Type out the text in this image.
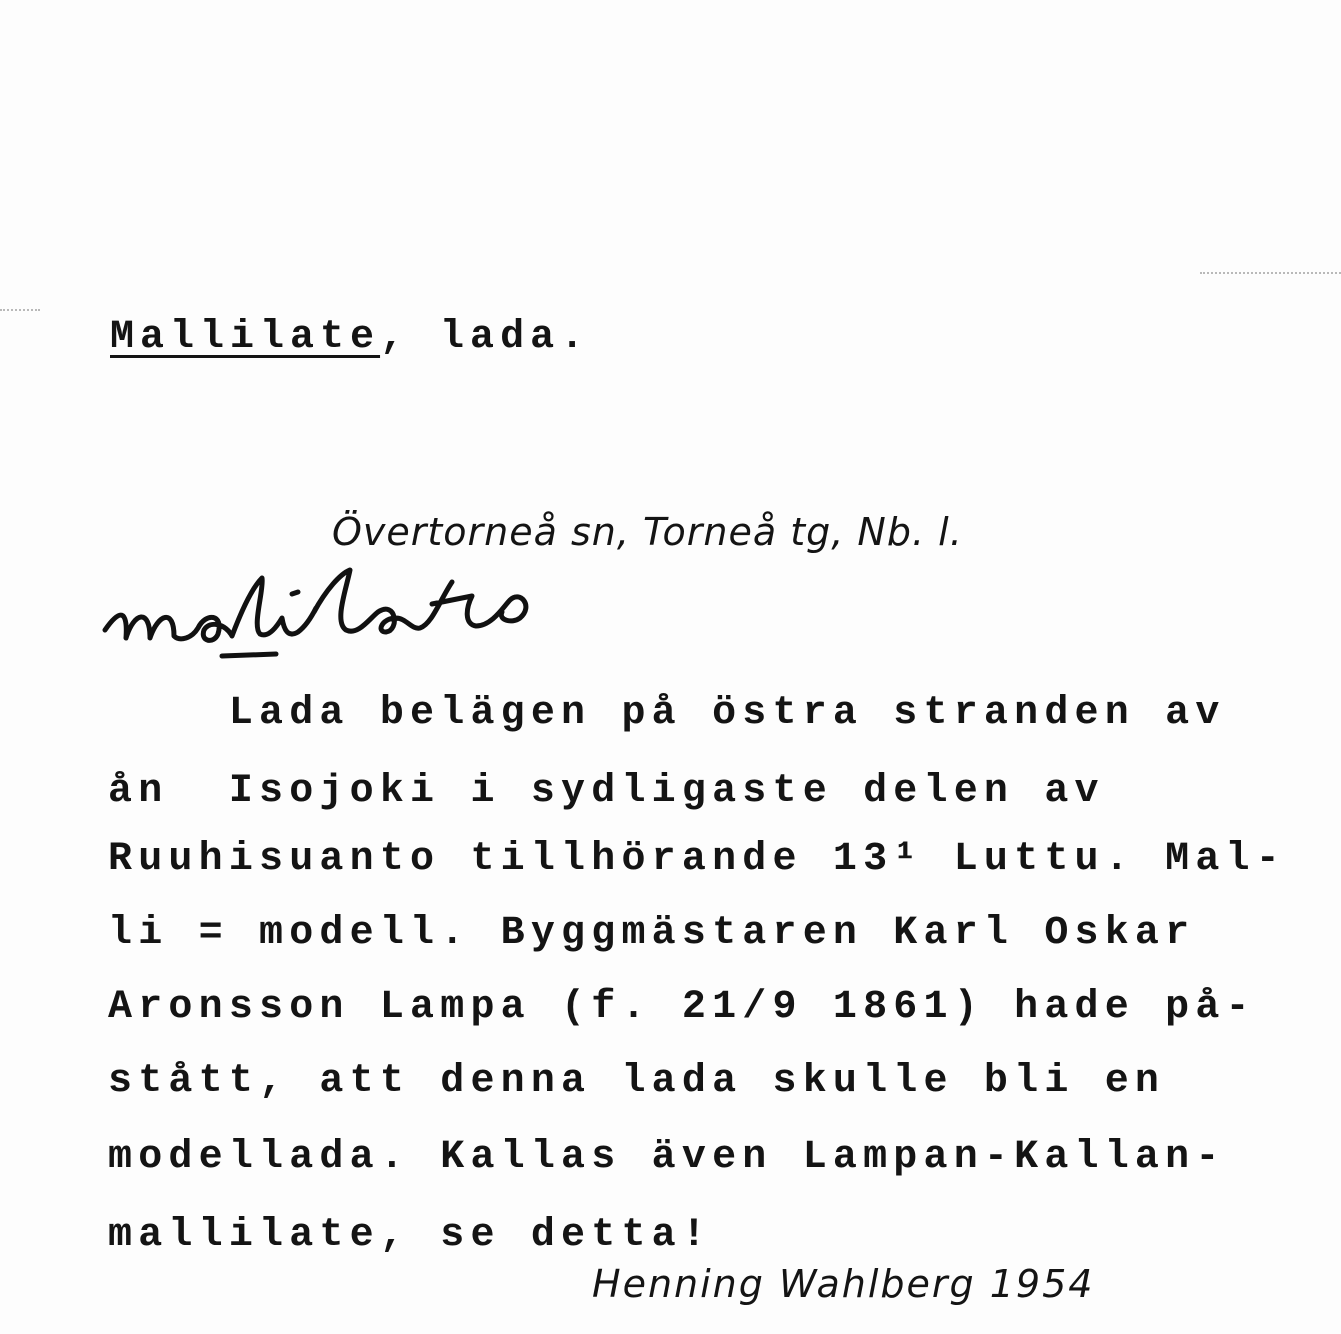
Mallilate, lada.
Övertorneå sn, Torneå tg, Nb. l.
Lada belägen på östra stranden av
ån  Isojoki i sydligaste delen av
Ruuhisuanto tillhörande 13¹ Luttu. Mal-
li = modell. Byggmästaren Karl Oskar
Aronsson Lampa (f. 21/9 1861) hade på-
stått, att denna lada skulle bli en
modellada. Kallas även Lampan-Kallan-
mallilate, se detta!
Henning Wahlberg 1954
